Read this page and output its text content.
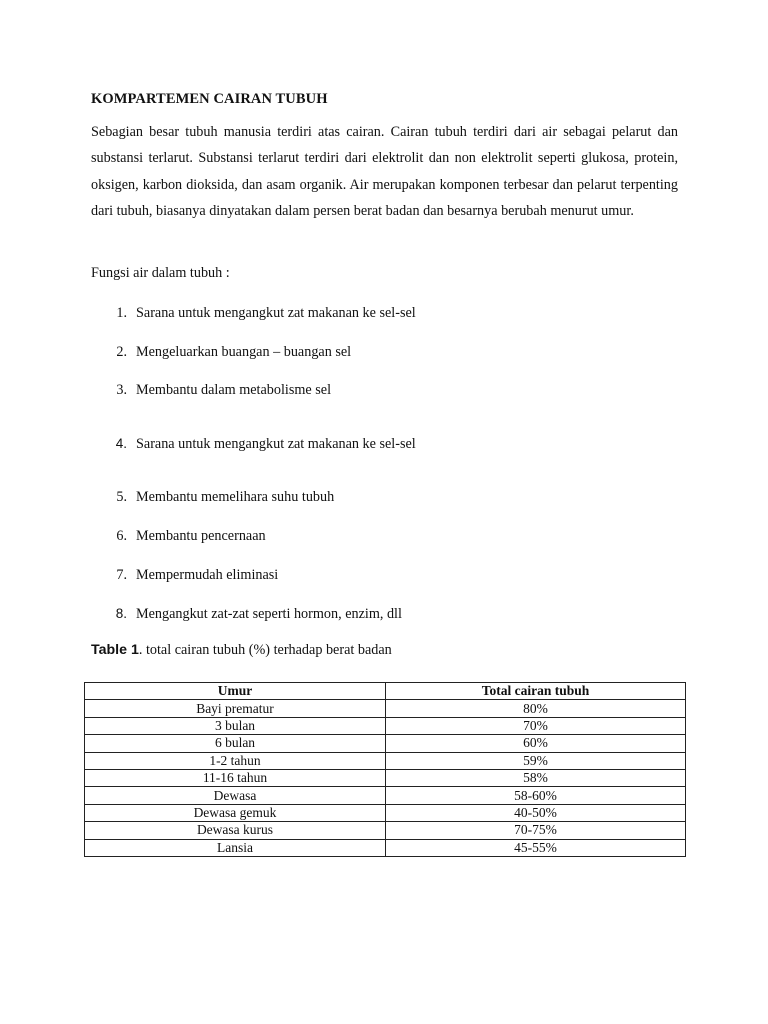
KOMPARTEMEN CAIRAN TUBUH

Sebagian besar tubuh manusia terdiri atas cairan. Cairan tubuh terdiri dari air sebagai pelarut dan substansi terlarut. Substansi terlarut terdiri dari elektrolit dan non elektrolit seperti glukosa, protein, oksigen, karbon dioksida, dan asam organik. Air merupakan komponen terbesar dan pelarut terpenting dari tubuh, biasanya dinyatakan dalam persen berat badan dan besarnya berubah menurut umur.

Fungsi air dalam tubuh :
1. Sarana untuk mengangkut zat makanan ke sel-sel
2. Mengeluarkan buangan – buangan sel
3. Membantu dalam metabolisme sel
4. Sarana untuk mengangkut zat makanan ke sel-sel
5. Membantu memelihara suhu tubuh
6. Membantu pencernaan
7. Mempermudah eliminasi
8. Mengangkut zat-zat seperti hormon, enzim, dll
Table 1. total cairan tubuh (%) terhadap berat badan
Umur	Total cairan tubuh
Bayi prematur	80%
3 bulan	70%
6 bulan	60%
1-2 tahun	59%
11-16 tahun	58%
Dewasa	58-60%
Dewasa gemuk	40-50%
Dewasa kurus	70-75%
Lansia	45-55%
